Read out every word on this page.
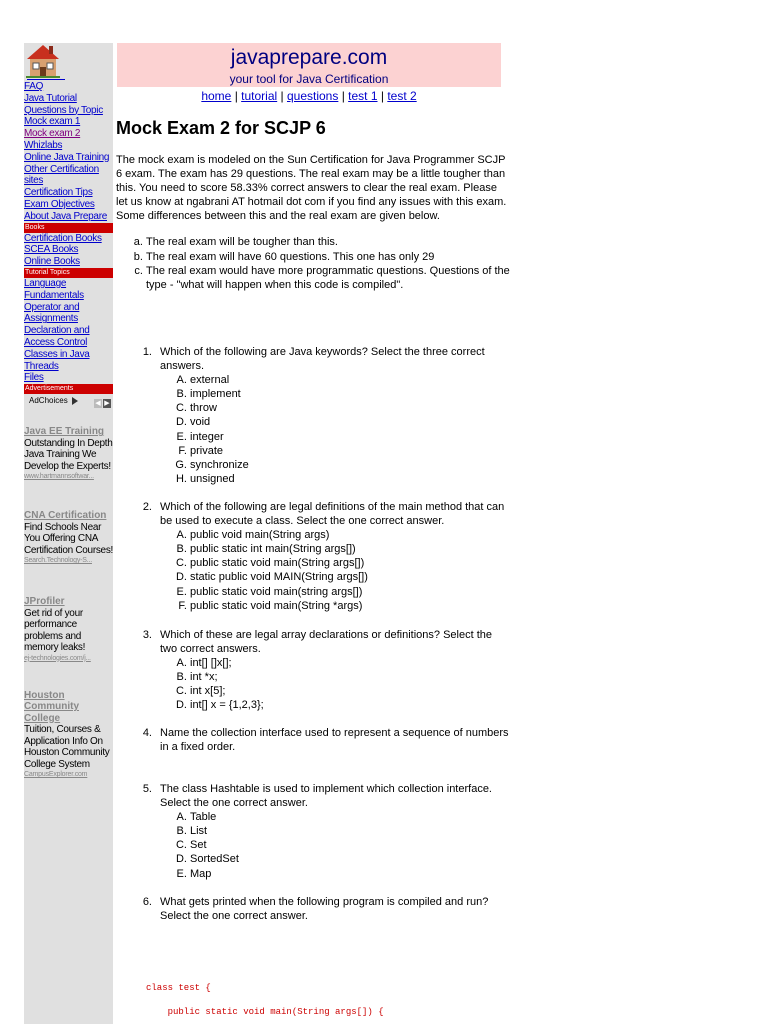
FAQ
Java Tutorial
Questions by Topic
Mock exam 1
Mock exam 2
Whizlabs
Online Java Training
Other Certification sites
Certification Tips
Exam Objectives
About Java Prepare
Books
Certification Books
SCEA Books
Online Books
Tutorial Topics
Language Fundamentals
Operator and Assignments
Declaration and Access Control
Classes in Java
Threads
Files
Advertisements
AdChoices	◀ ▶
Java EE Training
Outstanding In Depth Java Training We Develop the Experts!
www.hartmannsoftwar...
CNA Certification
Find Schools Near You Offering CNA Certification Courses!
Search.Technology-S...
JProfiler
Get rid of your performance problems and memory leaks!
ej-technologies.com/j...
Houston Community College
Tuition, Courses & Application Info On Houston Community College System
CampusExplorer.com
javaprepare.com
your tool for Java Certification
home | tutorial | questions | test 1 | test 2
Mock Exam 2 for SCJP 6
The mock exam is modeled on the Sun Certification for Java Programmer SCJP 6 exam. The exam has 29 questions. The real exam may be a little tougher than this. You need to score 58.33% correct answers to clear the real exam. Please let us know at ngabrani AT hotmail dot com if you find any issues with this exam. Some differences between this and the real exam are given below.
a. The real exam will be tougher than this.
b. The real exam will have 60 questions. This one has only 29
c. The real exam would have more programmatic questions. Questions of the type - "what will happen when this code is compiled".
1. Which of the following are Java keywords? Select the three correct answers.
A. external
B. implement
C. throw
D. void
E. integer
F. private
G. synchronize
H. unsigned
2. Which of the following are legal definitions of the main method that can be used to execute a class. Select the one correct answer.
A. public void main(String args)
B. public static int main(String args[])
C. public static void main(String args[])
D. static public void MAIN(String args[])
E. public static void main(string args[])
F. public static void main(String *args)
3. Which of these are legal array declarations or definitions? Select the two correct answers.
A. int[] []x[];
B. int *x;
C. int x[5];
D. int[] x = {1,2,3};
4. Name the collection interface used to represent a sequence of numbers in a fixed order.
5. The class Hashtable is used to implement which collection interface. Select the one correct answer.
A. Table
B. List
C. Set
D. SortedSet
E. Map
6. What gets printed when the following program is compiled and run? Select the one correct answer.
class test {
public static void main(String args[]) {
